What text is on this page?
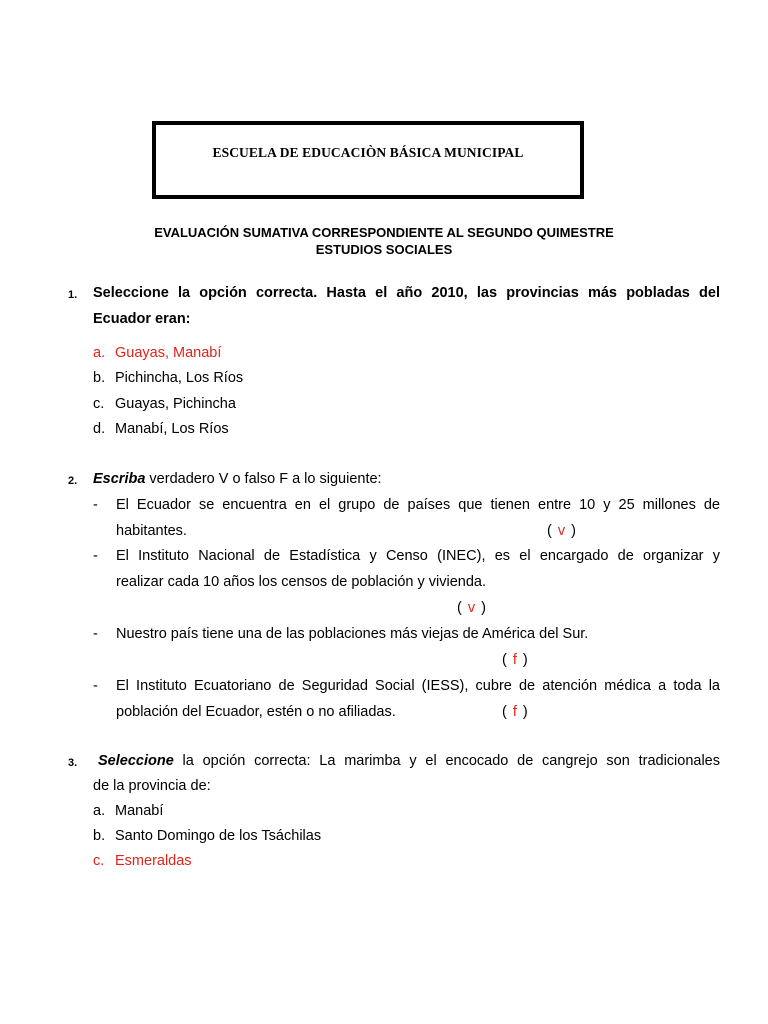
ESCUELA DE EDUCACIÒN BÁSICA MUNICIPAL
EVALUACIÓN SUMATIVA CORRESPONDIENTE AL SEGUNDO QUIMESTRE
ESTUDIOS SOCIALES
1.	Seleccione la opción correcta. Hasta el año 2010, las provincias más pobladas del
Ecuador eran:
a. Guayas, Manabí
b. Pichincha, Los Ríos
c. Guayas, Pichincha
d. Manabí, Los Ríos
2.	Escriba verdadero V o falso F a lo siguiente:
-	El Ecuador se encuentra en el grupo de países que tienen entre 10 y 25 millones de
habitantes.	( v )
-	El Instituto Nacional de Estadística y Censo (INEC), es el encargado de organizar y
realizar cada 10 años los censos de población y vivienda.
( v )
-	Nuestro país tiene una de las poblaciones más viejas de América del Sur.
( f )
-	El Instituto Ecuatoriano de Seguridad Social (IESS), cubre de atención médica a toda la
población del Ecuador, estén o no afiliadas.	( f )
3.	Seleccione la opción correcta: La marimba y el encocado de cangrejo son tradicionales
de la provincia de:
a. Manabí
b. Santo Domingo de los Tsáchilas
c. Esmeraldas
